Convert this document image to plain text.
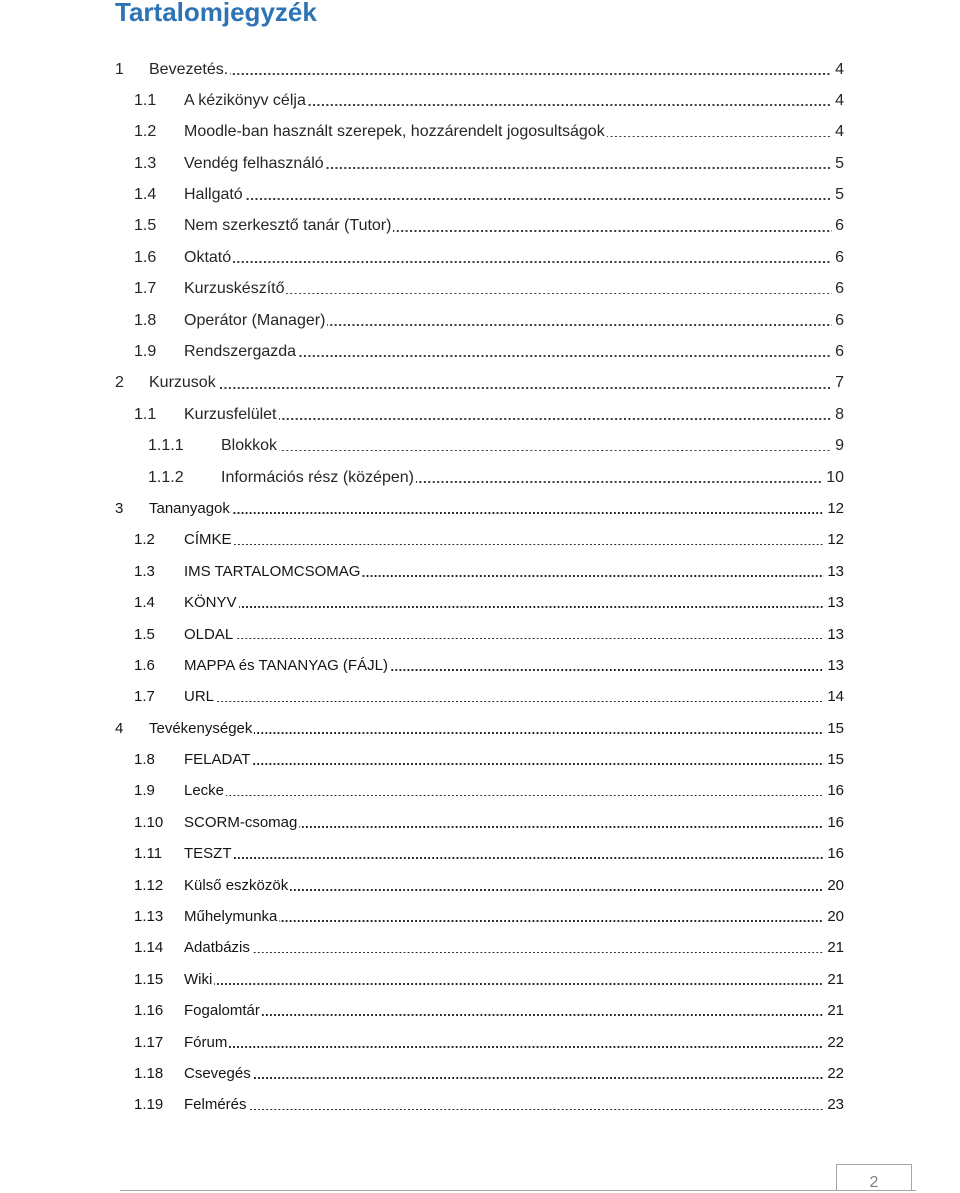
Tartalomjegyzék
1 Bevezetés.	4
1.1 A kézikönyv célja	4
1.2 Moodle-ban használt szerepek, hozzárendelt jogosultságok	4
1.3 Vendég felhasználó	5
1.4 Hallgató	5
1.5 Nem szerkesztő tanár (Tutor)	6
1.6 Oktató	6
1.7 Kurzuskészítő	6
1.8 Operátor (Manager)	6
1.9 Rendszergazda	6
2 Kurzusok	7
1.1 Kurzusfelület	8
1.1.1 Blokkok	9
1.1.2 Információs rész (középen)	10
3 Tananyagok	12
1.2 CÍMKE	12
1.3 IMS TARTALOMCSOMAG	13
1.4 KÖNYV	13
1.5 OLDAL	13
1.6 MAPPA és TANANYAG (FÁJL)	13
1.7 URL	14
4 Tevékenységek	15
1.8 FELADAT	15
1.9 Lecke	16
1.10 SCORM-csomag	16
1.11 TESZT	16
1.12 Külső eszközök	20
1.13 Műhelymunka	20
1.14 Adatbázis	21
1.15 Wiki	21
1.16 Fogalomtár	21
1.17 Fórum	22
1.18 Csevegés	22
1.19 Felmérés	23
2
